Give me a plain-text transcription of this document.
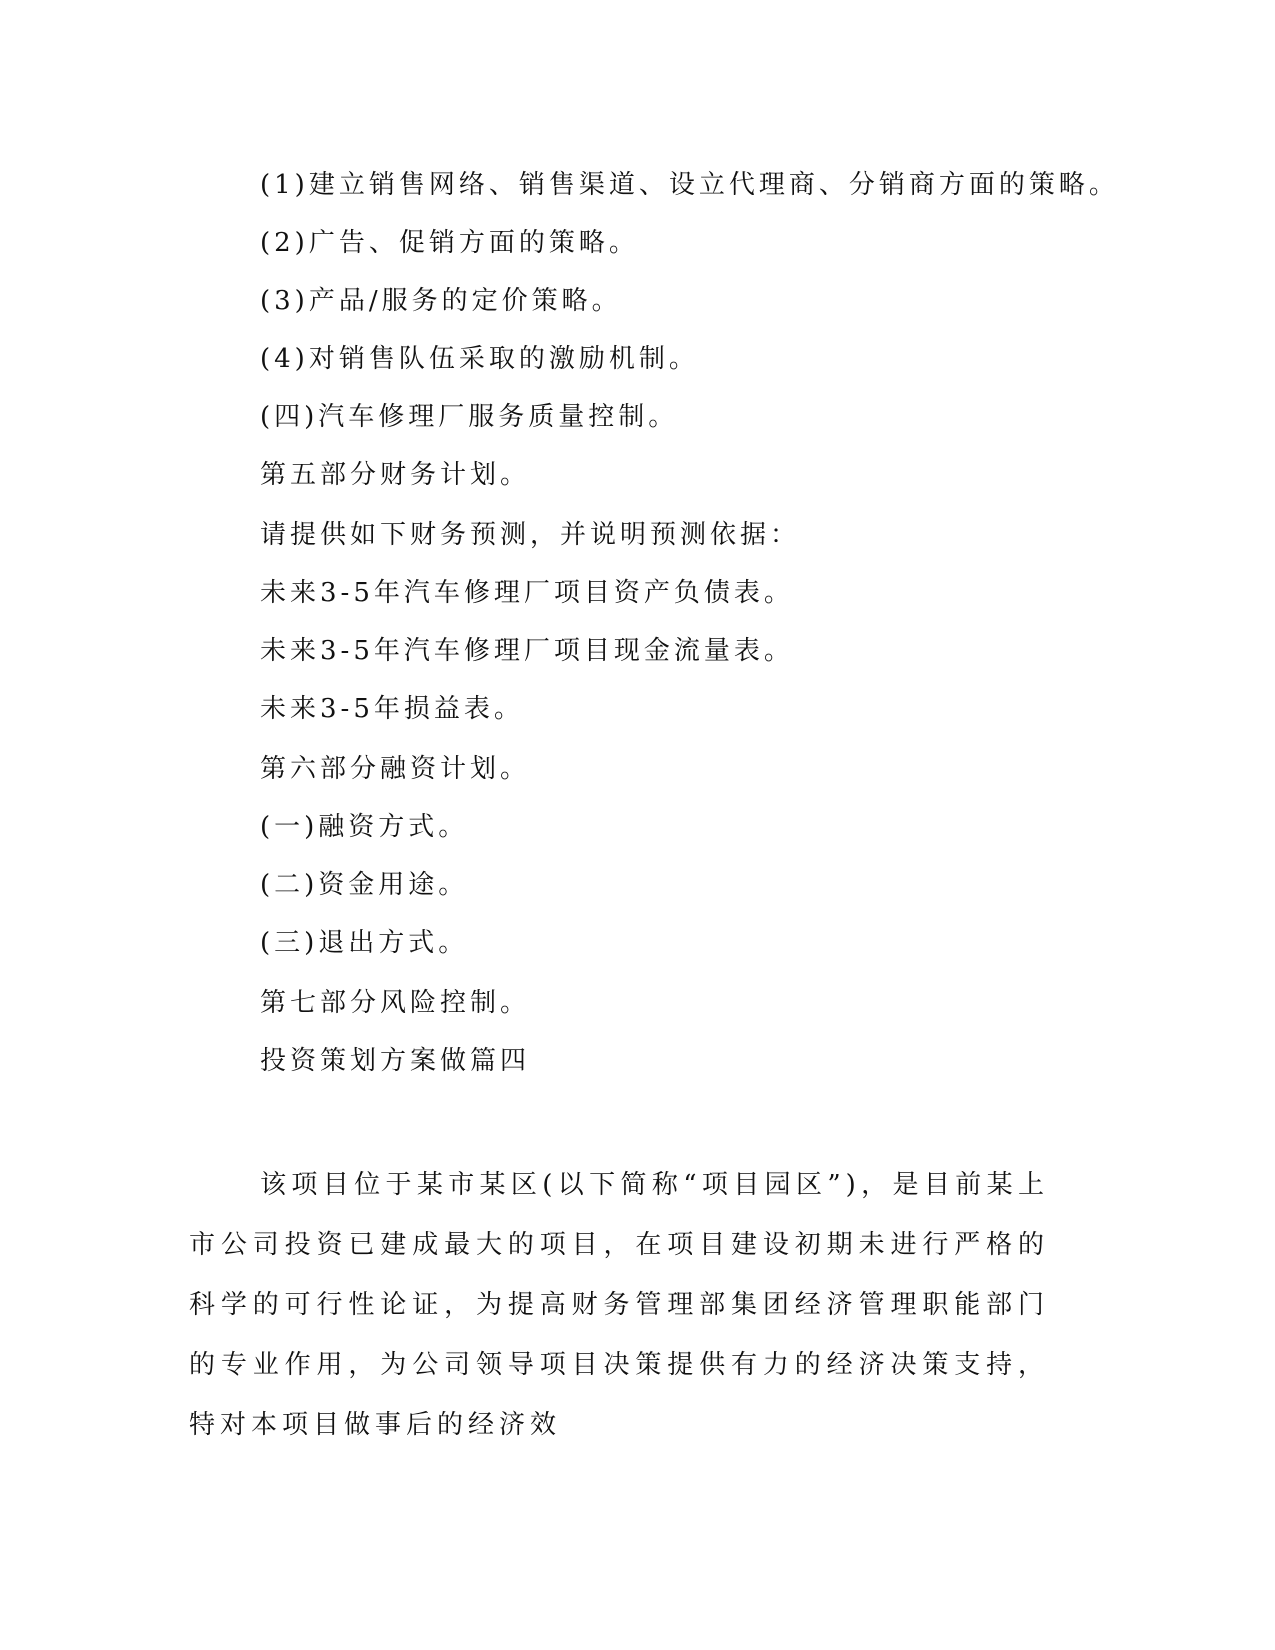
(1)建立销售网络、销售渠道、设立代理商、分销商方面的策略。
(2)广告、促销方面的策略。
(3)产品/服务的定价策略。
(4)对销售队伍采取的激励机制。
(四)汽车修理厂服务质量控制。
第五部分财务计划。
请提供如下财务预测，并说明预测依据：
未来3-5年汽车修理厂项目资产负债表。
未来3-5年汽车修理厂项目现金流量表。
未来3-5年损益表。
第六部分融资计划。
(一)融资方式。
(二)资金用途。
(三)退出方式。
第七部分风险控制。
投资策划方案做篇四

该项目位于某市某区(以下简称“项目园区”)，是目前某上市公司投资已建成最大的项目，在项目建设初期未进行严格的科学的可行性论证，为提高财务管理部集团经济管理职能部门的专业作用，为公司领导项目决策提供有力的经济决策支持，特对本项目做事后的经济效
